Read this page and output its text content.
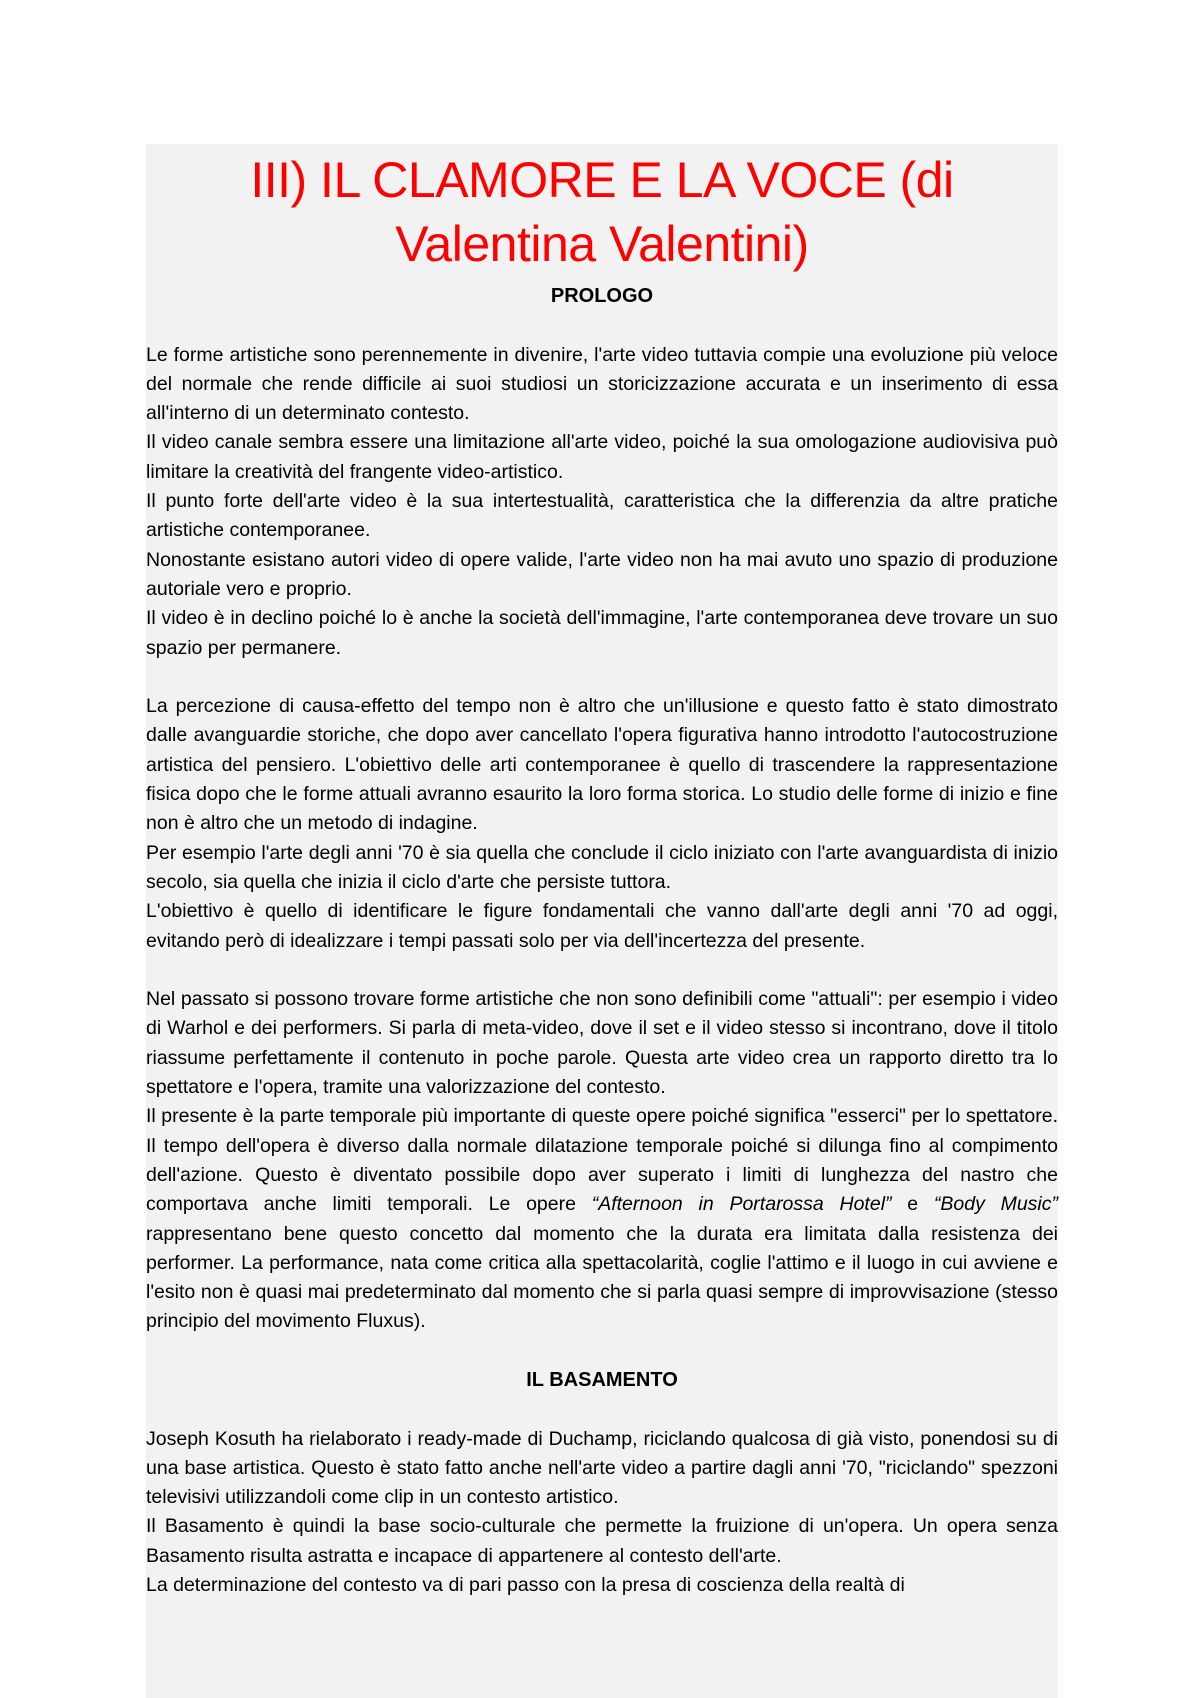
III) IL CLAMORE E LA VOCE (di Valentina Valentini)
PROLOGO

Le forme artistiche sono perennemente in divenire, l'arte video tuttavia compie una evoluzione più veloce del normale che rende difficile ai suoi studiosi un storicizzazione accurata e un inserimento di essa all'interno di un determinato contesto.

Il video canale sembra essere una limitazione all'arte video, poiché la sua omologazione audiovisiva può limitare la creatività del frangente video-artistico.

Il punto forte dell'arte video è la sua intertestualità, caratteristica che la differenzia da altre pratiche artistiche contemporanee.

Nonostante esistano autori video di opere valide, l'arte video non ha mai avuto uno spazio di produzione autoriale vero e proprio.

Il video è in declino poiché lo è anche la società dell'immagine, l'arte contemporanea deve trovare un suo spazio per permanere.

La percezione di causa-effetto del tempo non è altro che un'illusione e questo fatto è stato dimostrato dalle avanguardie storiche, che dopo aver cancellato l'opera figurativa hanno introdotto l'autocostruzione artistica del pensiero. L'obiettivo delle arti contemporanee è quello di trascendere la rappresentazione fisica dopo che le forme attuali avranno esaurito la loro forma storica. Lo studio delle forme di inizio e fine non è altro che un metodo di indagine.

Per esempio l'arte degli anni '70 è sia quella che conclude il ciclo iniziato con l'arte avanguardista di inizio secolo, sia quella che inizia il ciclo d'arte che persiste tuttora.

L'obiettivo è quello di identificare le figure fondamentali che vanno dall'arte degli anni '70 ad oggi, evitando però di idealizzare i tempi passati solo per via dell'incertezza del presente.

Nel passato si possono trovare forme artistiche che non sono definibili come "attuali": per esempio i video di Warhol e dei performers. Si parla di meta-video, dove il set e il video stesso si incontrano, dove il titolo riassume perfettamente il contenuto in poche parole. Questa arte video crea un rapporto diretto tra lo spettatore e l'opera, tramite una valorizzazione del contesto.

Il presente è la parte temporale più importante di queste opere poiché significa "esserci" per lo spettatore. Il tempo dell'opera è diverso dalla normale dilatazione temporale poiché si dilunga fino al compimento dell'azione. Questo è diventato possibile dopo aver superato i limiti di lunghezza del nastro che comportava anche limiti temporali. Le opere “Afternoon in Portarossa Hotel” e “Body Music” rappresentano bene questo concetto dal momento che la durata era limitata dalla resistenza dei performer. La performance, nata come critica alla spettacolarità, coglie l'attimo e il luogo in cui avviene e l'esito non è quasi mai predeterminato dal momento che si parla quasi sempre di improvvisazione (stesso principio del movimento Fluxus).

IL BASAMENTO

Joseph Kosuth ha rielaborato i ready-made di Duchamp, riciclando qualcosa di già visto, ponendosi su di una base artistica. Questo è stato fatto anche nell'arte video a partire dagli anni '70, "riciclando" spezzoni televisivi utilizzandoli come clip in un contesto artistico.

Il Basamento è quindi la base socio-culturale che permette la fruizione di un'opera. Un opera senza Basamento risulta astratta e incapace di appartenere al contesto dell'arte.

La determinazione del contesto va di pari passo con la presa di coscienza della realtà di
